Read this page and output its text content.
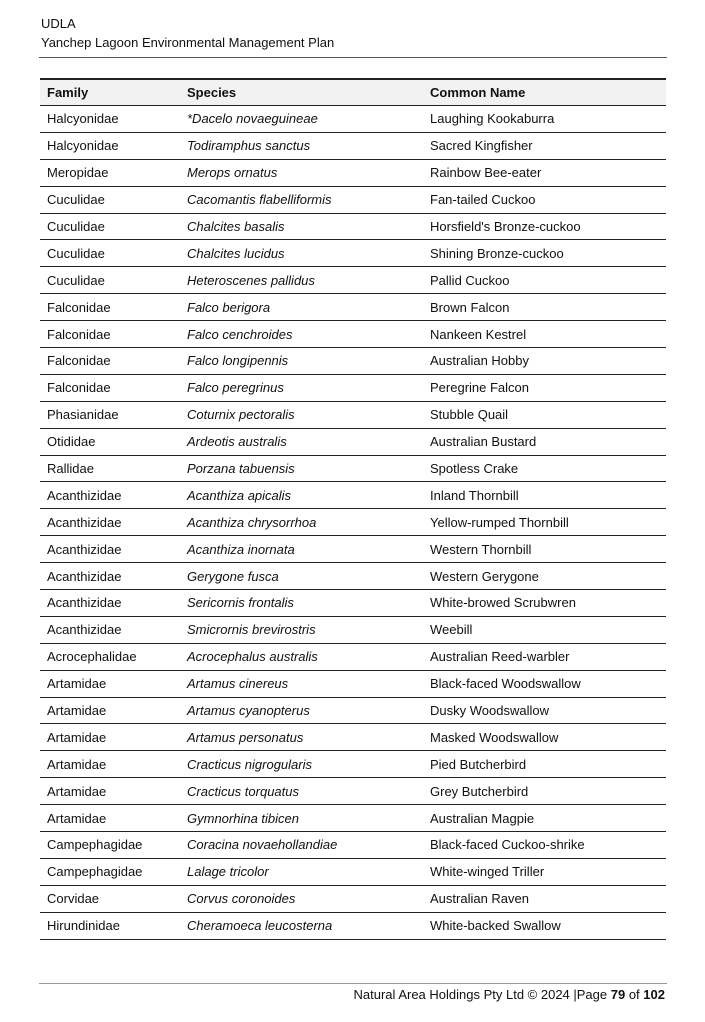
UDLA
Yanchep Lagoon Environmental Management Plan
Family	Species	Common Name
Halcyonidae	*Dacelo novaeguineae	Laughing Kookaburra
Halcyonidae	Todiramphus sanctus	Sacred Kingfisher
Meropidae	Merops ornatus	Rainbow Bee-eater
Cuculidae	Cacomantis flabelliformis	Fan-tailed Cuckoo
Cuculidae	Chalcites basalis	Horsfield's Bronze-cuckoo
Cuculidae	Chalcites lucidus	Shining Bronze-cuckoo
Cuculidae	Heteroscenes pallidus	Pallid Cuckoo
Falconidae	Falco berigora	Brown Falcon
Falconidae	Falco cenchroides	Nankeen Kestrel
Falconidae	Falco longipennis	Australian Hobby
Falconidae	Falco peregrinus	Peregrine Falcon
Phasianidae	Coturnix pectoralis	Stubble Quail
Otididae	Ardeotis australis	Australian Bustard
Rallidae	Porzana tabuensis	Spotless Crake
Acanthizidae	Acanthiza apicalis	Inland Thornbill
Acanthizidae	Acanthiza chrysorrhoa	Yellow-rumped Thornbill
Acanthizidae	Acanthiza inornata	Western Thornbill
Acanthizidae	Gerygone fusca	Western Gerygone
Acanthizidae	Sericornis frontalis	White-browed Scrubwren
Acanthizidae	Smicrornis brevirostris	Weebill
Acrocephalidae	Acrocephalus australis	Australian Reed-warbler
Artamidae	Artamus cinereus	Black-faced Woodswallow
Artamidae	Artamus cyanopterus	Dusky Woodswallow
Artamidae	Artamus personatus	Masked Woodswallow
Artamidae	Cracticus nigrogularis	Pied Butcherbird
Artamidae	Cracticus torquatus	Grey Butcherbird
Artamidae	Gymnorhina tibicen	Australian Magpie
Campephagidae	Coracina novaehollandiae	Black-faced Cuckoo-shrike
Campephagidae	Lalage tricolor	White-winged Triller
Corvidae	Corvus coronoides	Australian Raven
Hirundinidae	Cheramoeca leucosterna	White-backed Swallow
Natural Area Holdings Pty Ltd © 2024 |Page 79 of 102
